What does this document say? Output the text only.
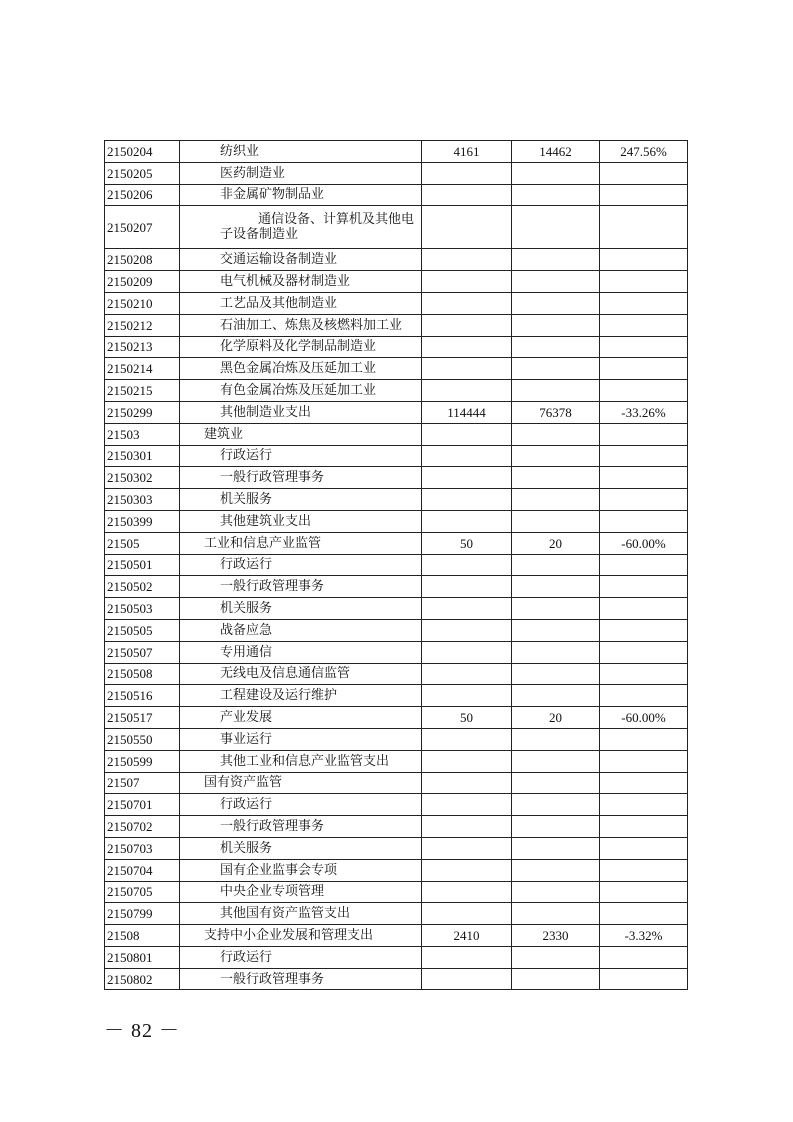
2150204	纺织业	4161	14462	247.56%
2150205	医药制造业			
2150206	非金属矿物制品业			
2150207	通信设备、计算机及其他电子设备制造业			
2150208	交通运输设备制造业			
2150209	电气机械及器材制造业			
2150210	工艺品及其他制造业			
2150212	石油加工、炼焦及核燃料加工业			
2150213	化学原料及化学制品制造业			
2150214	黑色金属冶炼及压延加工业			
2150215	有色金属冶炼及压延加工业			
2150299	其他制造业支出	114444	76378	-33.26%
21503	建筑业			
2150301	行政运行			
2150302	一般行政管理事务			
2150303	机关服务			
2150399	其他建筑业支出			
21505	工业和信息产业监管	50	20	-60.00%
2150501	行政运行			
2150502	一般行政管理事务			
2150503	机关服务			
2150505	战备应急			
2150507	专用通信			
2150508	无线电及信息通信监管			
2150516	工程建设及运行维护			
2150517	产业发展	50	20	-60.00%
2150550	事业运行			
2150599	其他工业和信息产业监管支出			
21507	国有资产监管			
2150701	行政运行			
2150702	一般行政管理事务			
2150703	机关服务			
2150704	国有企业监事会专项			
2150705	中央企业专项管理			
2150799	其他国有资产监管支出			
21508	支持中小企业发展和管理支出	2410	2330	-3.32%
2150801	行政运行			
2150802	一般行政管理事务			
－ 82 －
